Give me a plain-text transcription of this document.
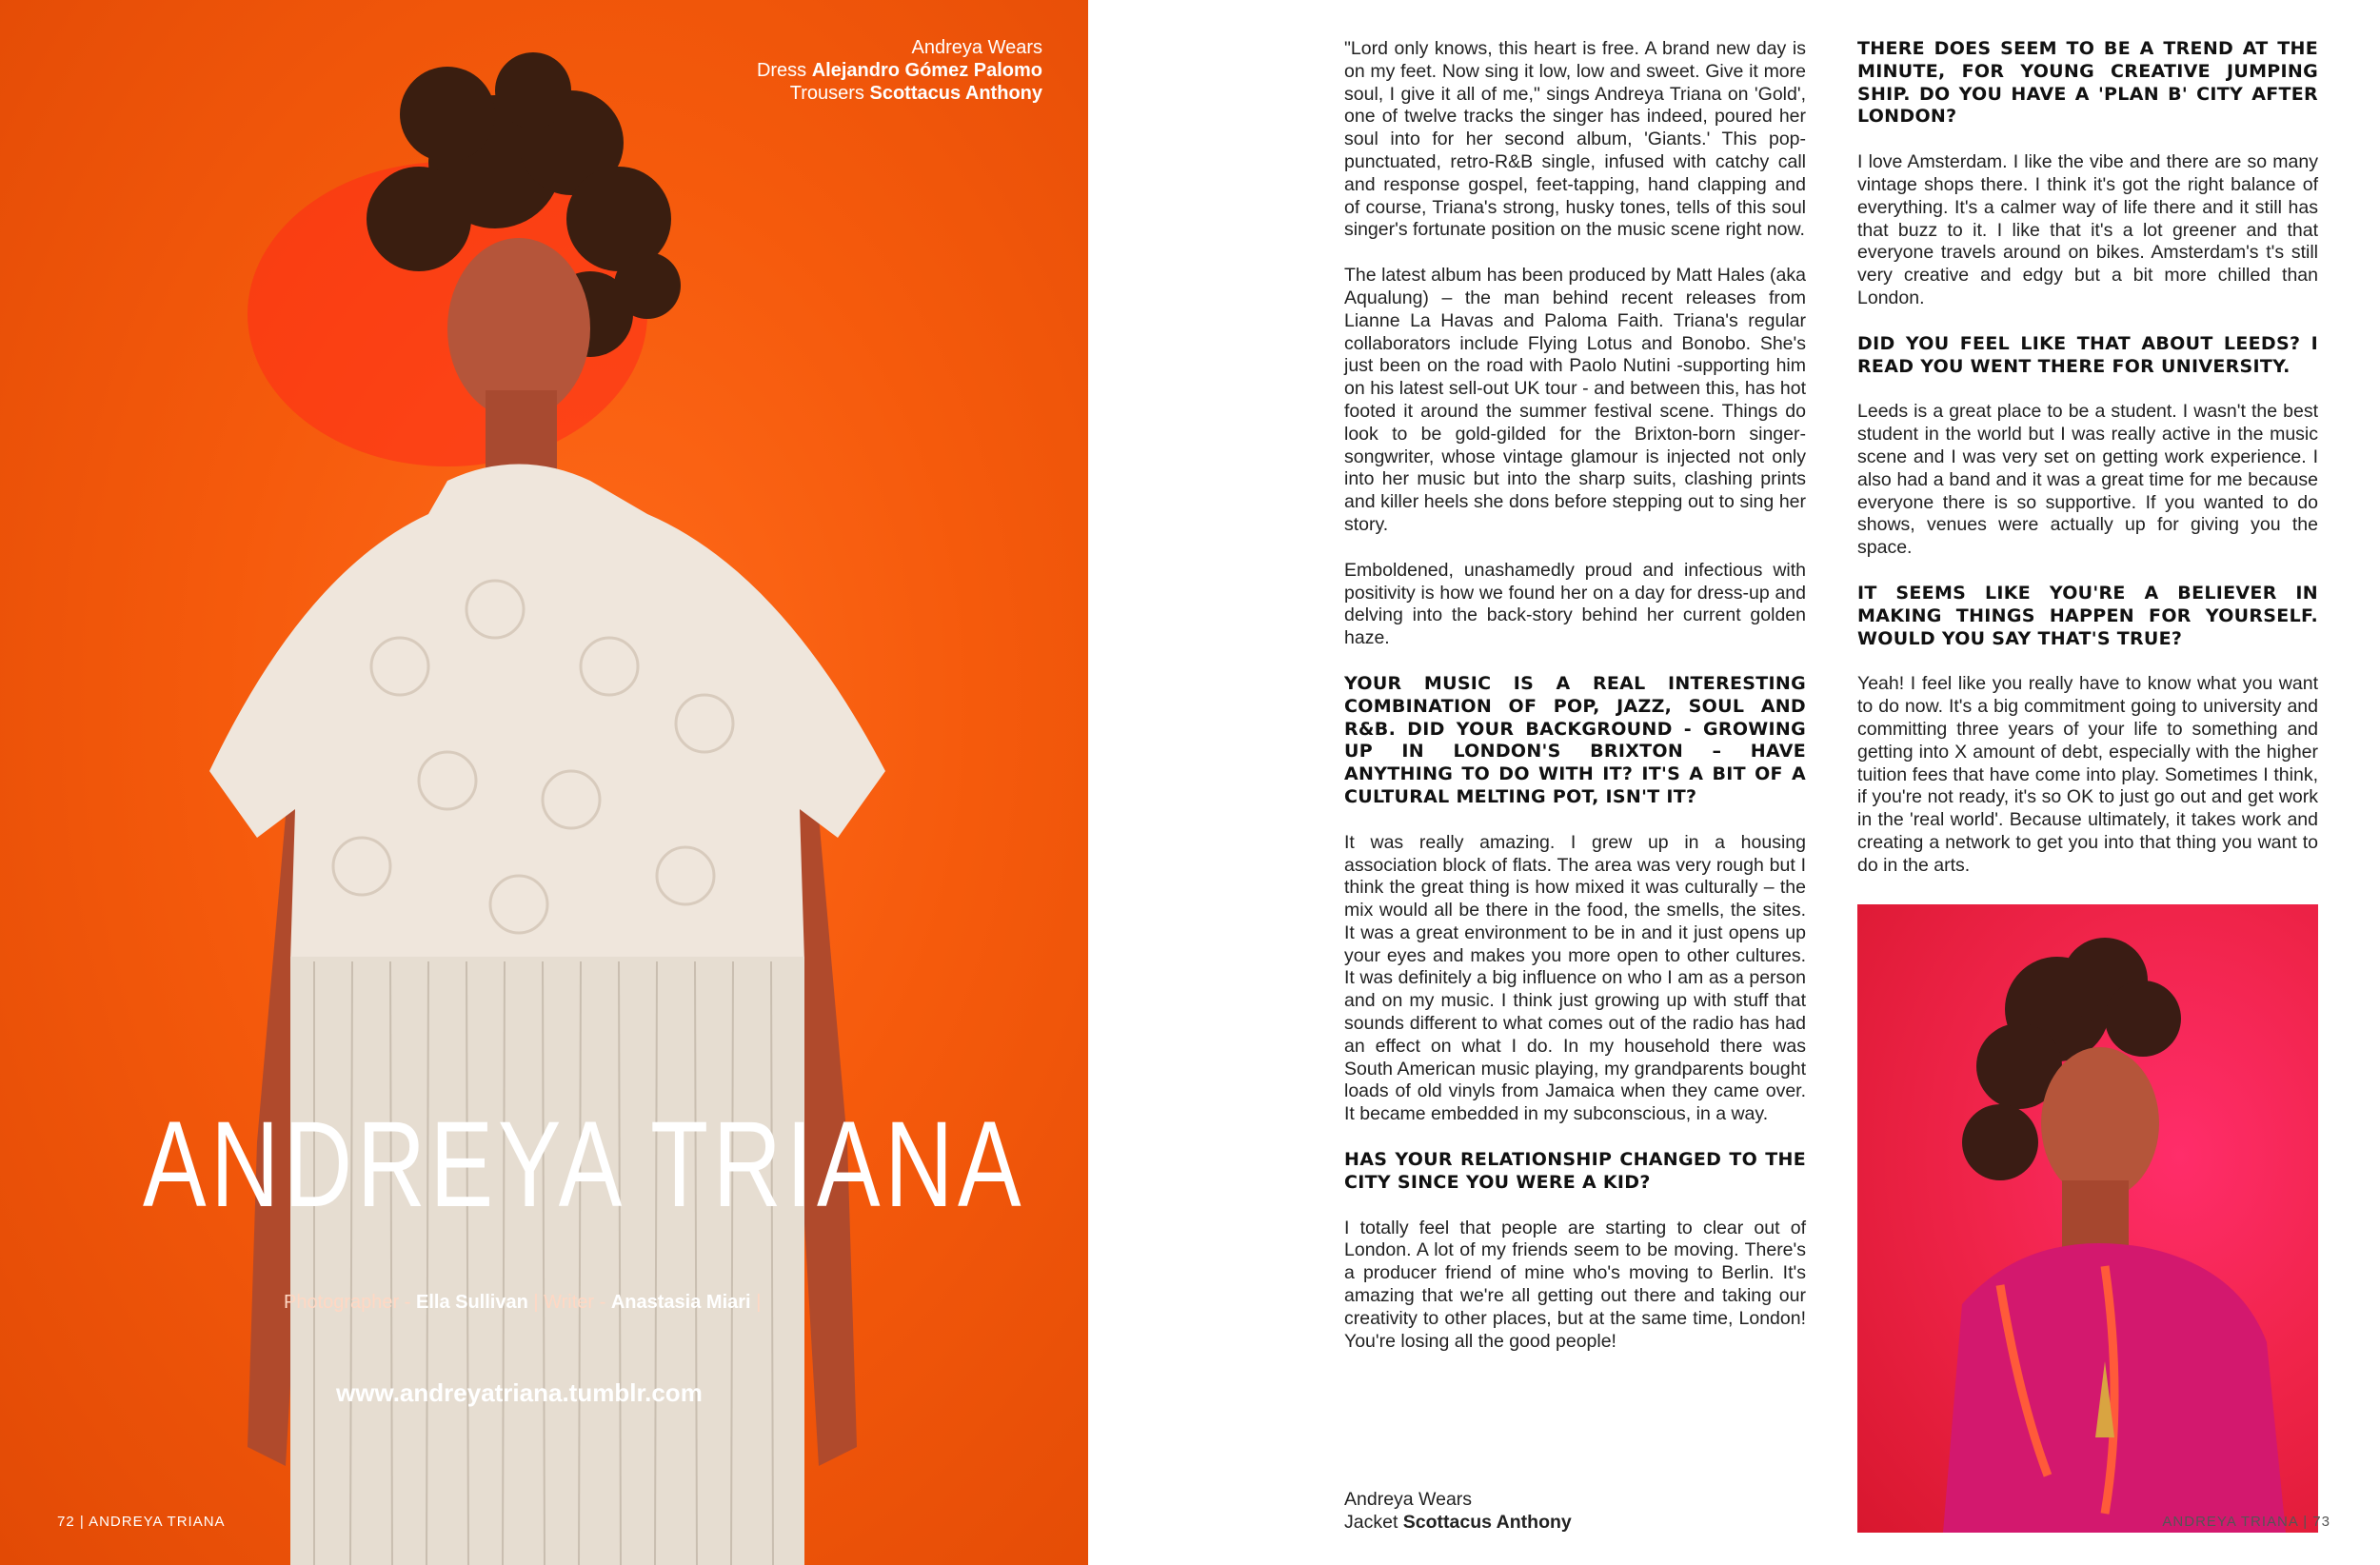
Andreya Wears
Dress Alejandro Gómez Palomo
Trousers Scottacus Anthony
ANDREYA TRIANA
Photographer - Ella Sullivan | Writer - Anastasia Miari |
www.andreyatriana.tumblr.com
72 | ANDREYA TRIANA

"Lord only knows, this heart is free. A brand new day is on my feet. Now sing it low, low and sweet. Give it more soul, I give it all of me," sings Andreya Triana on 'Gold', one of twelve tracks the singer has indeed, poured her soul into for her second album, 'Giants.' This pop-punctuated, retro-R&B single, infused with catchy call and response gospel, feet-tapping, hand clapping and of course, Triana's strong, husky tones, tells of this soul singer's fortunate position on the music scene right now.

The latest album has been produced by Matt Hales (aka Aqualung) – the man behind recent releases from Lianne La Havas and Paloma Faith. Triana's regular collaborators include Flying Lotus and Bonobo. She's just been on the road with Paolo Nutini -supporting him on his latest sell-out UK tour - and between this, has hot footed it around the summer festival scene. Things do look to be gold-gilded for the Brixton-born singer-songwriter, whose vintage glamour is injected not only into her music but into the sharp suits, clashing prints and killer heels she dons before stepping out to sing her story.

Emboldened, unashamedly proud and infectious with positivity is how we found her on a day for dress-up and delving into the back-story behind her current golden haze.

YOUR MUSIC IS A REAL INTERESTING COMBINATION OF POP, JAZZ, SOUL AND R&B. DID YOUR BACKGROUND - GROWING UP IN LONDON'S BRIXTON – HAVE ANYTHING TO DO WITH IT? IT'S A BIT OF A CULTURAL MELTING POT, ISN'T IT?

It was really amazing. I grew up in a housing association block of flats. The area was very rough but I think the great thing is how mixed it was culturally – the mix would all be there in the food, the smells, the sites. It was a great environment to be in and it just opens up your eyes and makes you more open to other cultures. It was definitely a big influence on who I am as a person and on my music. I think just growing up with stuff that sounds different to what comes out of the radio has had an effect on what I do. In my household there was South American music playing, my grandparents bought loads of old vinyls from Jamaica when they came over. It became embedded in my subconscious, in a way.

HAS YOUR RELATIONSHIP CHANGED TO THE CITY SINCE YOU WERE A KID?

I totally feel that people are starting to clear out of London. A lot of my friends seem to be moving. There's a producer friend of mine who's moving to Berlin. It's amazing that we're all getting out there and taking our creativity to other places, but at the same time, London! You're losing all the good people!

THERE DOES SEEM TO BE A TREND AT THE MINUTE, FOR YOUNG CREATIVE JUMPING SHIP. DO YOU HAVE A 'PLAN B' CITY AFTER LONDON?

I love Amsterdam. I like the vibe and there are so many vintage shops there. I think it's got the right balance of everything. It's a calmer way of life there and it still has that buzz to it. I like that it's a lot greener and that everyone travels around on bikes. Amsterdam's t's still very creative and edgy but a bit more chilled than London.

DID YOU FEEL LIKE THAT ABOUT LEEDS? I READ YOU WENT THERE FOR UNIVERSITY.

Leeds is a great place to be a student. I wasn't the best student in the world but I was really active in the music scene and I was very set on getting work experience. I also had a band and it was a great time for me because everyone there is so supportive. If you wanted to do shows, venues were actually up for giving you the space.

IT SEEMS LIKE YOU'RE A BELIEVER IN MAKING THINGS HAPPEN FOR YOURSELF. WOULD YOU SAY THAT'S TRUE?

Yeah! I feel like you really have to know what you want to do now. It's a big commitment going to university and committing three years of your life to something and getting into X amount of debt, especially with the higher tuition fees that have come into play. Sometimes I think, if you're not ready, it's so OK to just go out and get work in the 'real world'. Because ultimately, it takes work and creating a network to get you into that thing you want to do in the arts.

Andreya Wears
Jacket Scottacus Anthony	ANDREYA TRIANA | 73
